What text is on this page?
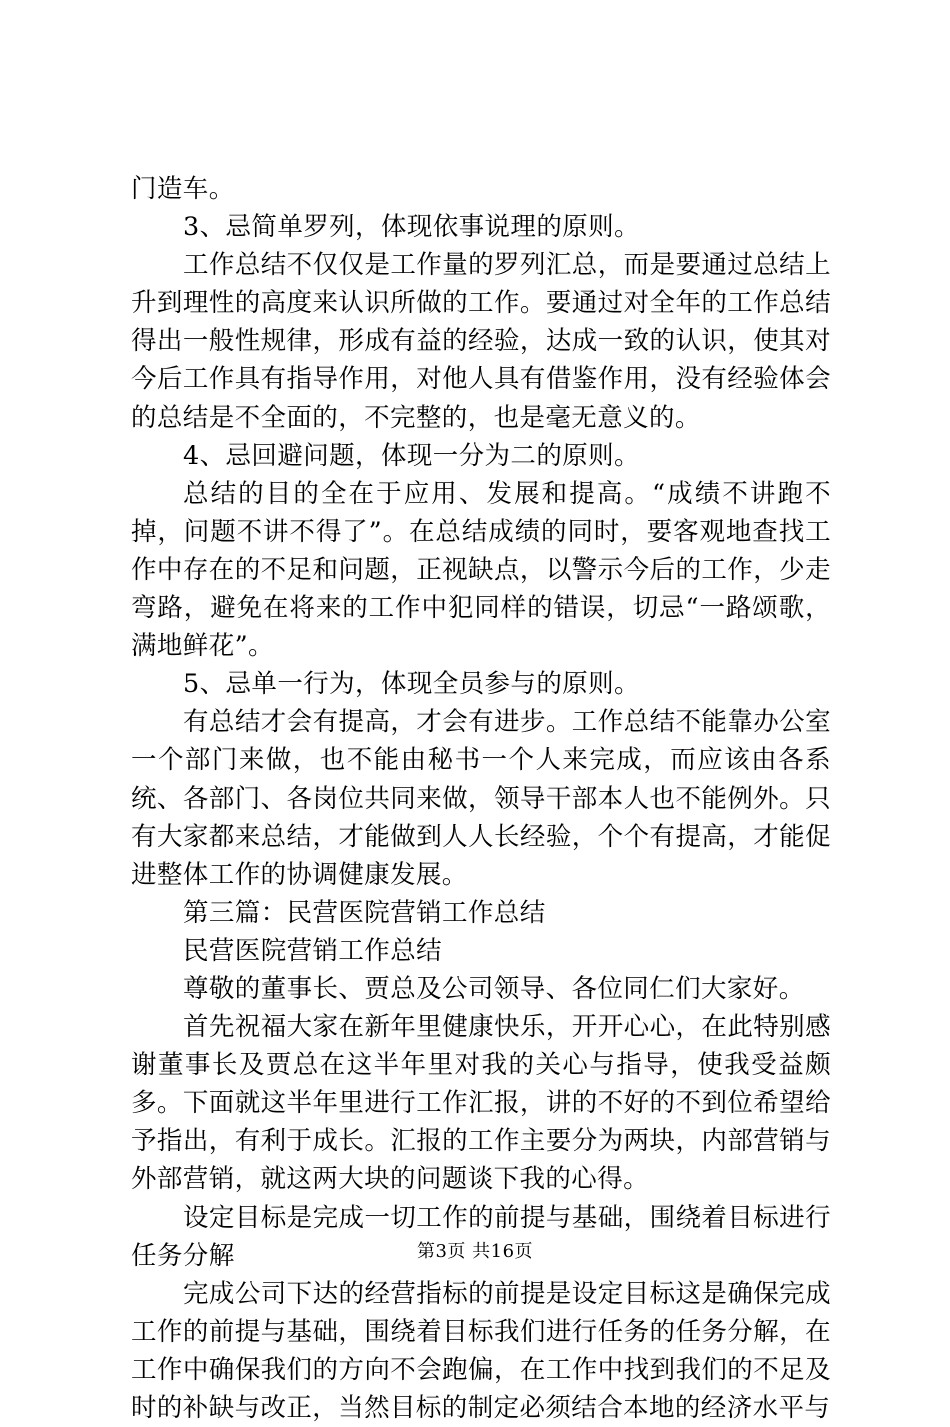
门造车。

3、忌简单罗列，体现依事说理的原则。

工作总结不仅仅是工作量的罗列汇总，而是要通过总结上升到理性的高度来认识所做的工作。要通过对全年的工作总结得出一般性规律，形成有益的经验，达成一致的认识，使其对今后工作具有指导作用，对他人具有借鉴作用，没有经验体会的总结是不全面的，不完整的，也是毫无意义的。

4、忌回避问题，体现一分为二的原则。

总结的目的全在于应用、发展和提高。“成绩不讲跑不掉，问题不讲不得了”。在总结成绩的同时，要客观地查找工作中存在的不足和问题，正视缺点，以警示今后的工作，少走弯路，避免在将来的工作中犯同样的错误，切忌“一路颂歌，满地鲜花”。

5、忌单一行为，体现全员参与的原则。

有总结才会有提高，才会有进步。工作总结不能靠办公室一个部门来做，也不能由秘书一个人来完成，而应该由各系统、各部门、各岗位共同来做，领导干部本人也不能例外。只有大家都来总结，才能做到人人长经验，个个有提高，才能促进整体工作的协调健康发展。

第三篇：民营医院营销工作总结

民营医院营销工作总结

尊敬的董事长、贾总及公司领导、各位同仁们大家好。

首先祝福大家在新年里健康快乐，开开心心，在此特别感谢董事长及贾总在这半年里对我的关心与指导，使我受益颇多。下面就这半年里进行工作汇报，讲的不好的不到位希望给予指出，有利于成长。汇报的工作主要分为两块，内部营销与外部营销，就这两大块的问题谈下我的心得。

设定目标是完成一切工作的前提与基础，围绕着目标进行任务分解

完成公司下达的经营指标的前提是设定目标这是确保完成工作的前提与基础，围绕着目标我们进行任务的任务分解，在工作中确保我们的方向不会跑偏，在工作中找到我们的不足及时的补缺与改正，当然目标的制定必须结合本地的经济水平与

第3页 共16页
